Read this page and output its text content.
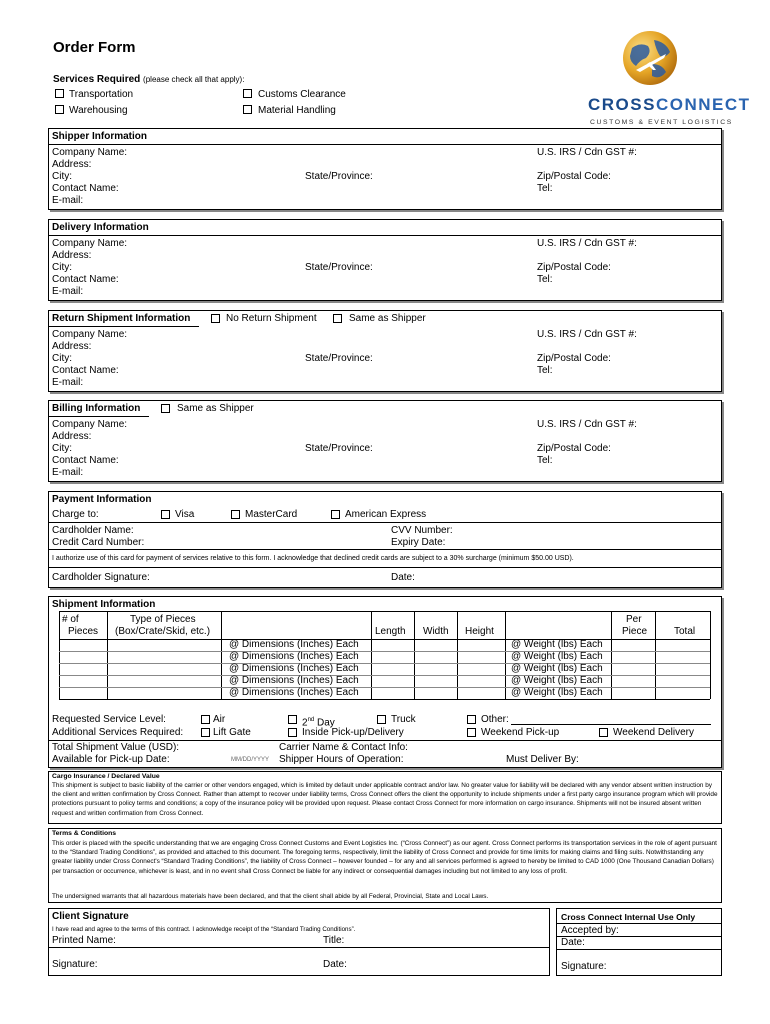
Order Form
CROSSCONNECT
CUSTOMS & EVENT LOGISTICS
Services Required (please check all that apply):
Transportation	Customs Clearance
Warehousing	Material Handling
Shipper Information
Company Name:	U.S. IRS / Cdn GST #:
Address:
City:	State/Province:	Zip/Postal Code:
Contact Name:	Tel:
E-mail:
Delivery Information
Company Name:	U.S. IRS / Cdn GST #:
Address:
City:	State/Province:	Zip/Postal Code:
Contact Name:	Tel:
E-mail:
Return Shipment Information	No Return Shipment	Same as Shipper
Company Name:	U.S. IRS / Cdn GST #:
Address:
City:	State/Province:	Zip/Postal Code:
Contact Name:	Tel:
E-mail:
Billing Information	Same as Shipper
Company Name:	U.S. IRS / Cdn GST #:
Address:
City:	State/Province:	Zip/Postal Code:
Contact Name:	Tel:
E-mail:
Payment Information
Charge to:	Visa	MasterCard	American Express
Cardholder Name:	CVV Number:
Credit Card Number:	Expiry Date:
I authorize use of this card for payment of services relative to this form. I acknowledge that declined credit cards are subject to a 30% surcharge (minimum $50.00 USD).
Cardholder Signature:	Date:
Shipment Information
# of
Pieces
Type of Pieces
(Box/Crate/Skid, etc.)	Length Width Height
Per
Piece	Total
@ Dimensions (Inches) Each	@ Weight (lbs) Each
@ Dimensions (Inches) Each	@ Weight (lbs) Each
@ Dimensions (Inches) Each	@ Weight (lbs) Each
@ Dimensions (Inches) Each	@ Weight (lbs) Each
@ Dimensions (Inches) Each	@ Weight (lbs) Each
Requested Service Level:	Air	2nd Day	Truck	Other:
Additional Services Required:	Lift Gate	Inside Pick-up/Delivery	Weekend Pick-up	Weekend Delivery
Total Shipment Value (USD):	Carrier Name & Contact Info:
Available for Pick-up Date:	MM/DD/YYYY Shipper Hours of Operation:	Must Deliver By:
Cargo Insurance / Declared Value
This shipment is subject to basic liability of the carrier or other vendors engaged, which is limited by default under applicable contract and/or law. No greater value for liability will be declared with any vendor absent written instruction by the client and written confirmation by Cross Connect. Rather than attempt to recover under liability terms, Cross Connect offers the client the opportunity to include shipments under a first party cargo insurance program which will provide protections pursuant to policy terms and conditions; a copy of the insurance policy will be provided upon request. Please contact Cross Connect for more information on cargo insurance. Shipments will not be insured absent written request and written confirmation from Cross Connect.
Terms & Conditions
This order is placed with the specific understanding that we are engaging Cross Connect Customs and Event Logistics Inc. (“Cross Connect”) as our agent. Cross Connect performs its transportation services in the role of agent pursuant to the “Standard Trading Conditions”, as provided and attached to this document. The foregoing terms, respectively, limit the liability of Cross Connect and provide for time limits for making claims and filing suits. Notwithstanding any greater liability under Cross Connect's “Standard Trading Conditions”, the liability of Cross Connect – however founded – for any and all services performed is agreed to hereby be limited to CAD 1000 (One Thousand Canadian Dollars) per transaction or occurrence, whichever is least, and in no event shall Cross Connect be liable for any indirect or consequential damages including but not limited to any loss of profit.
The undersigned warrants that all hazardous materials have been declared, and that the client shall abide by all Federal, Provincial, State and Local Laws.
Client Signature
I have read and agree to the terms of this contract. I acknowledge receipt of the “Standard Trading Conditions”.
Printed Name:	Title:
Signature:	Date:
Cross Connect Internal Use Only
Accepted by:
Date:
Signature:
